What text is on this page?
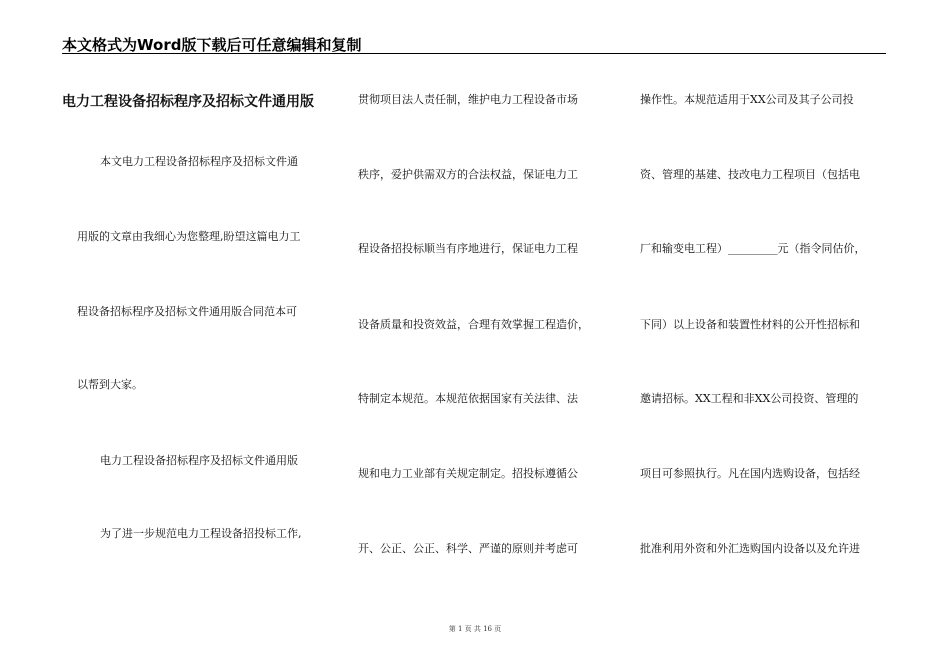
本文格式为Word版下载后可任意编辑和复制
电力工程设备招标程序及招标文件通用版
本文电力工程设备招标程序及招标文件通
用版的文章由我细心为您整理,盼望这篇电力工
程设备招标程序及招标文件通用版合同范本可
以帮到大家。
电力工程设备招标程序及招标文件通用版
为了进一步规范电力工程设备招投标工作,
贯彻项目法人责任制，维护电力工程设备市场
秩序，爱护供需双方的合法权益，保证电力工
程设备招投标顺当有序地进行，保证电力工程
设备质量和投资效益，合理有效掌握工程造价，
特制定本规范。本规范依据国家有关法律、法
规和电力工业部有关规定制定。招投标遵循公
开、公正、公正、科学、严谨的原则并考虑可
操作性。本规范适用于XX公司及其子公司投
资、管理的基建、技改电力工程项目（包括电
厂和输变电工程）_________元（指令同估价，
下同）以上设备和装置性材料的公开性招标和
邀请招标。XX工程和非XX公司投资、管理的
项目可参照执行。凡在国内选购设备，包括经
批准利用外资和外汇选购国内设备以及允许进
第 1 页 共 16 页
